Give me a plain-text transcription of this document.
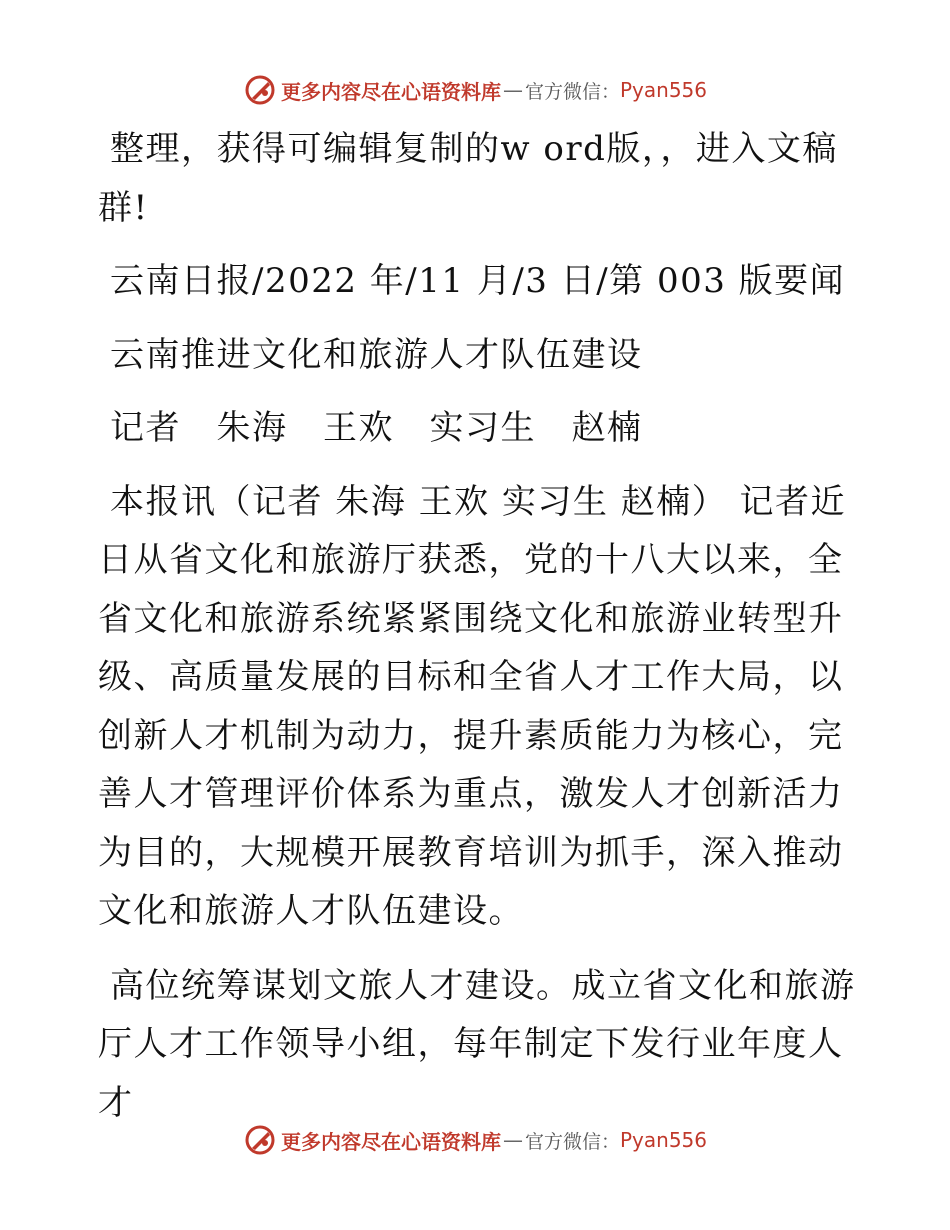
更多内容尽在心语资料库 — 官方微信： Pyan556

整理，获得可编辑复制的w ord版，，进入文稿群!

云南日报/2022 年/11 月/3 日/第 003 版要闻

云南推进文化和旅游人才队伍建设

记者　朱海　王欢　实习生　赵楠

本报讯（记者 朱海 王欢 实习生 赵楠） 记者近日从省文化和旅游厅获悉，党的十八大以来，全省文化和旅游系统紧紧围绕文化和旅游业转型升级、高质量发展的目标和全省人才工作大局，以创新人才机制为动力，提升素质能力为核心，完善人才管理评价体系为重点，激发人才创新活力为目的，大规模开展教育培训为抓手，深入推动文化和旅游人才队伍建设。

高位统筹谋划文旅人才建设。成立省文化和旅游厅人才工作领导小组，每年制定下发行业年度人才

更多内容尽在心语资料库 — 官方微信： Pyan556
